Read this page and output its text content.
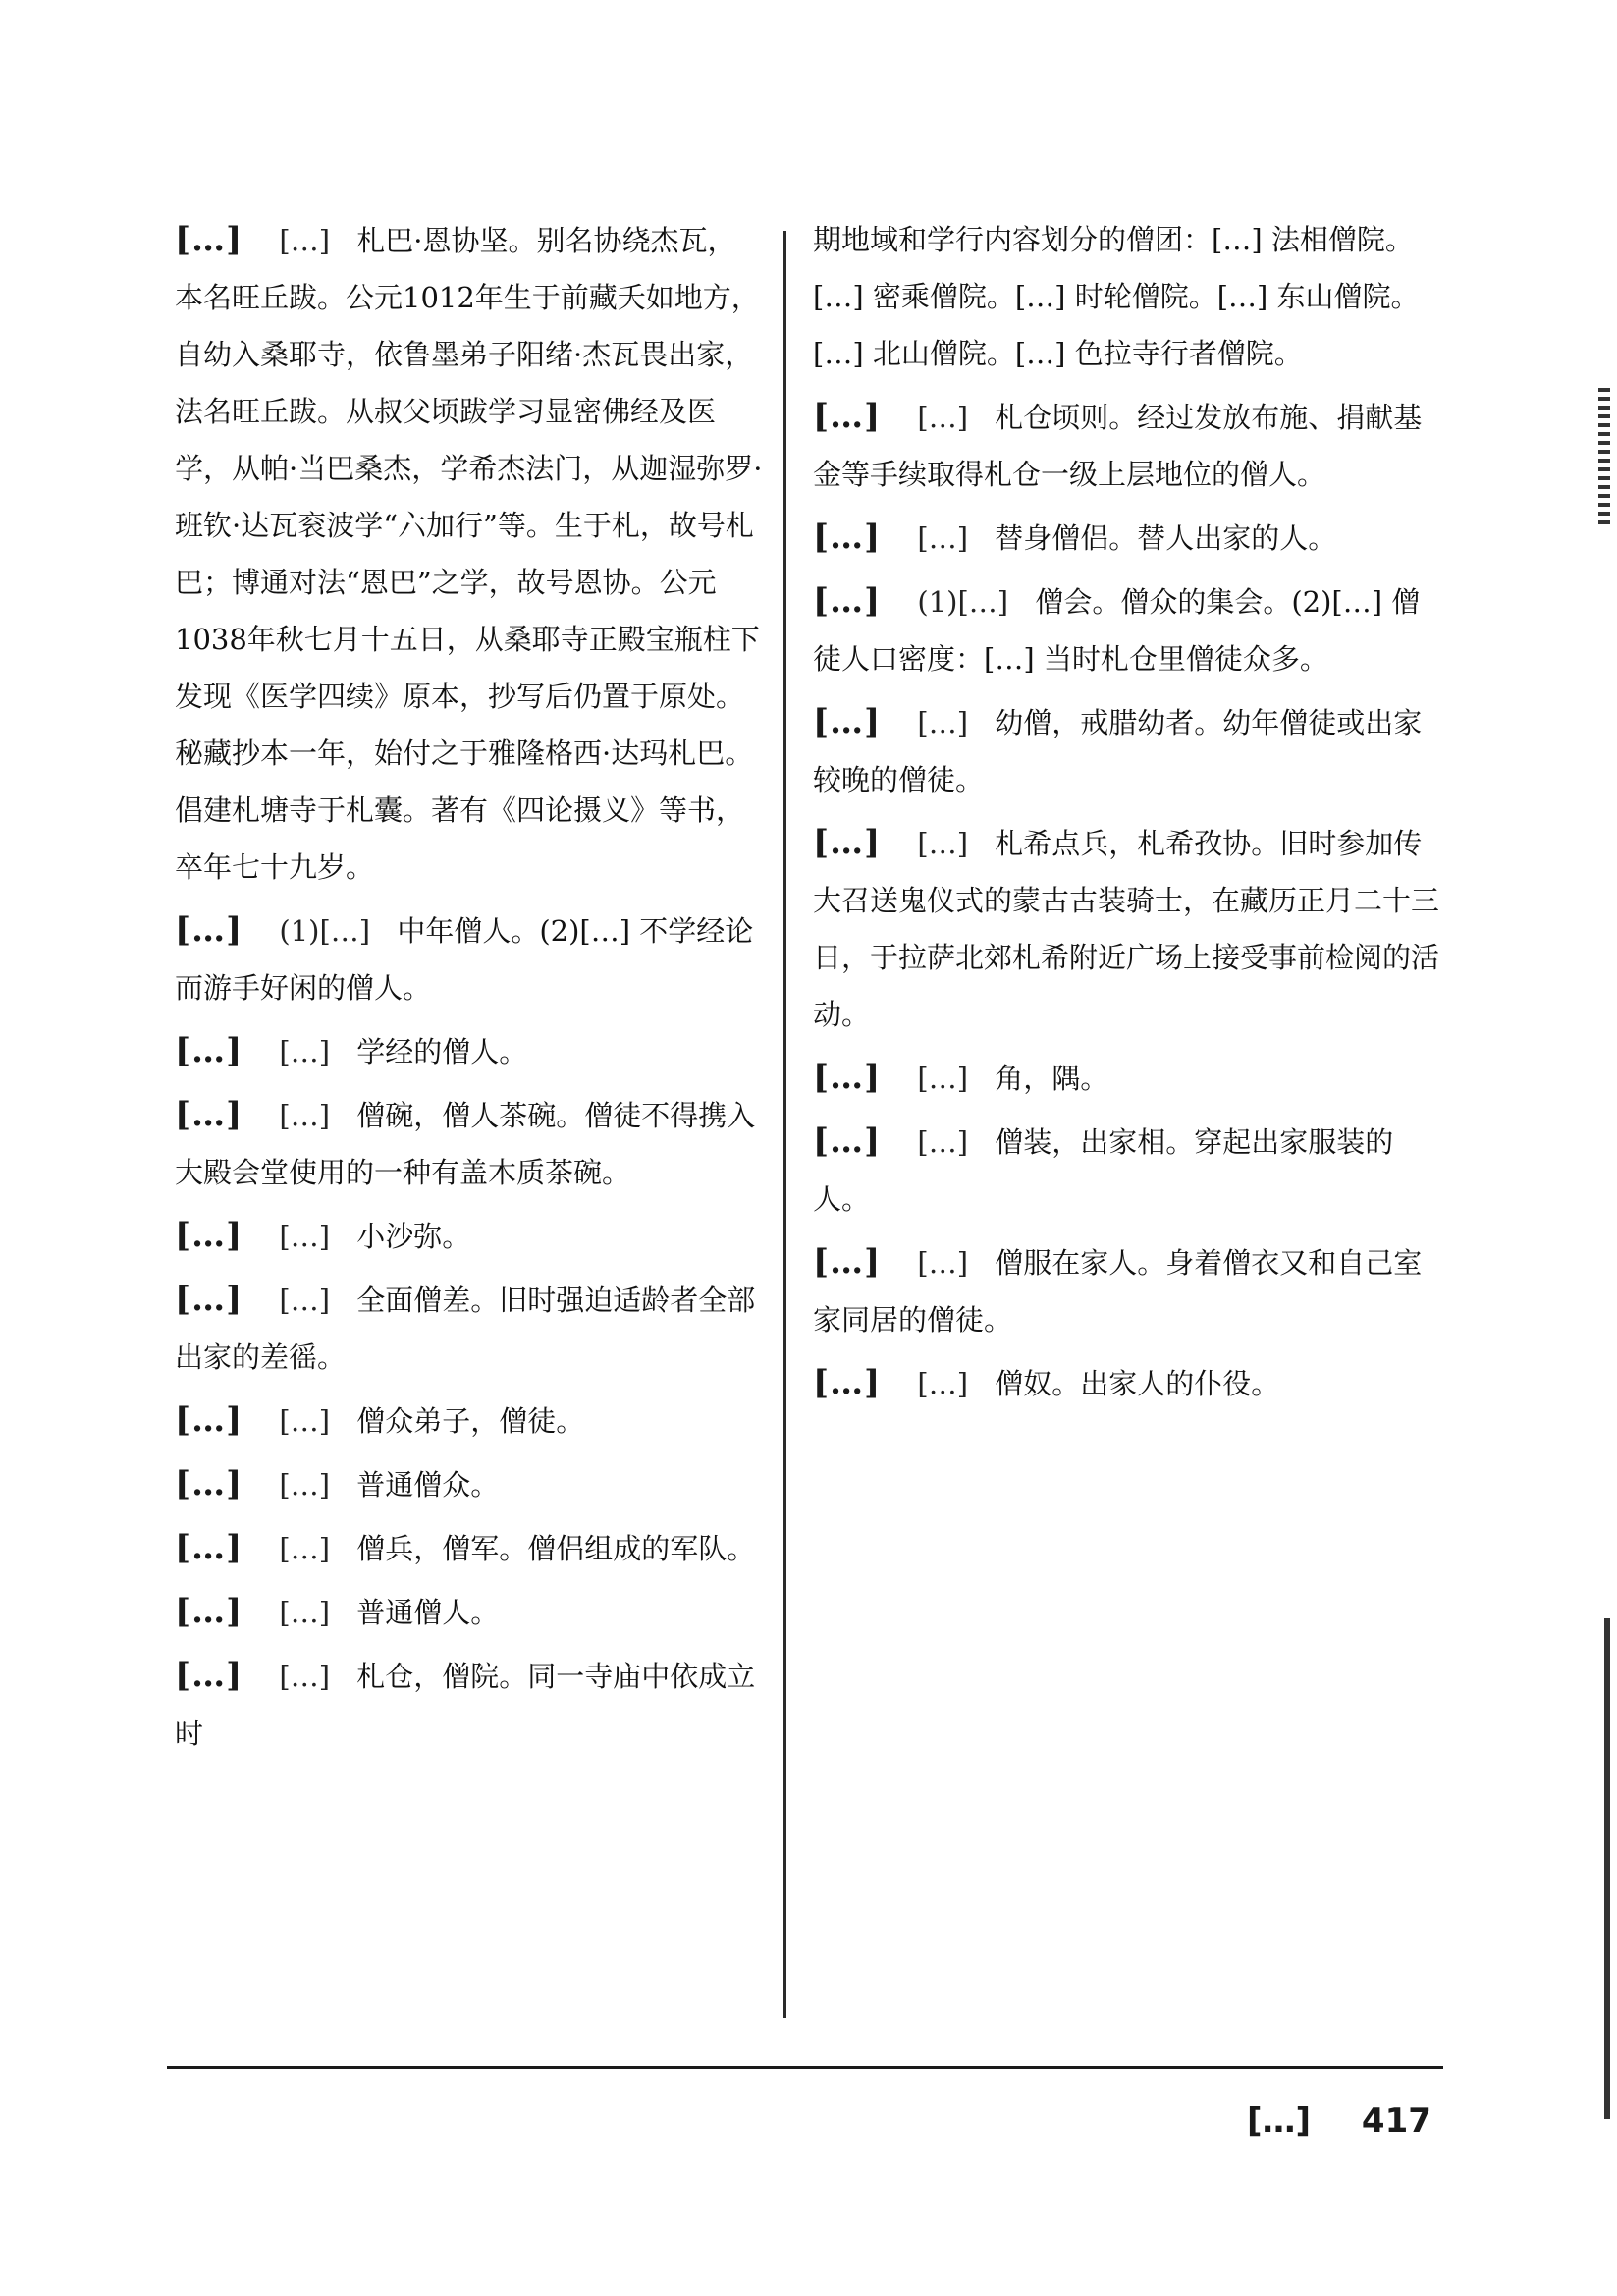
[…] […] 札巴·恩协坚。别名协绕杰瓦，本名旺丘跋。公元1012年生于前藏夭如地方，自幼入桑耶寺，依鲁墨弟子阳绪·杰瓦畏出家，法名旺丘跋。从叔父顷跋学习显密佛经及医学，从帕·当巴桑杰，学希杰法门，从迦湿弥罗·班钦·达瓦衮波学“六加行”等。生于札，故号札巴；博通对法“恩巴”之学，故号恩协。公元1038年秋七月十五日，从桑耶寺正殿宝瓶柱下发现《医学四续》原本，抄写后仍置于原处。秘藏抄本一年，始付之于雅隆格西·达玛札巴。倡建札塘寺于札囊。著有《四论摄义》等书，卒年七十九岁。
[…] (1)[…] 中年僧人。(2)[…] 不学经论而游手好闲的僧人。
[…] […] 学经的僧人。
[…] […] 僧碗，僧人茶碗。僧徒不得携入大殿会堂使用的一种有盖木质茶碗。
[…] […] 小沙弥。
[…] […] 全面僧差。旧时强迫适龄者全部出家的差徭。
[…] […] 僧众弟子，僧徒。
[…] […] 普通僧众。
[…] […] 僧兵，僧军。僧侣组成的军队。
[…] […] 普通僧人。
[…] […] 札仓，僧院。同一寺庙中依成立时
期地域和学行内容划分的僧团：[…] 法相僧院。[…] 密乘僧院。[…] 时轮僧院。[…] 东山僧院。[…] 北山僧院。[…] 色拉寺行者僧院。
[…] […] 札仓顷则。经过发放布施、捐献基金等手续取得札仓一级上层地位的僧人。
[…] […] 替身僧侣。替人出家的人。
[…] (1)[…] 僧会。僧众的集会。(2)[…] 僧徒人口密度：[…] 当时札仓里僧徒众多。
[…] […] 幼僧，戒腊幼者。幼年僧徒或出家较晚的僧徒。
[…] […] 札希点兵，札希孜协。旧时参加传大召送鬼仪式的蒙古古装骑士，在藏历正月二十三日，于拉萨北郊札希附近广场上接受事前检阅的活动。
[…] […] 角，隅。
[…] […] 僧装，出家相。穿起出家服装的人。
[…] […] 僧服在家人。身着僧衣又和自己室家同居的僧徒。
[…] […] 僧奴。出家人的仆役。
[…] 417
